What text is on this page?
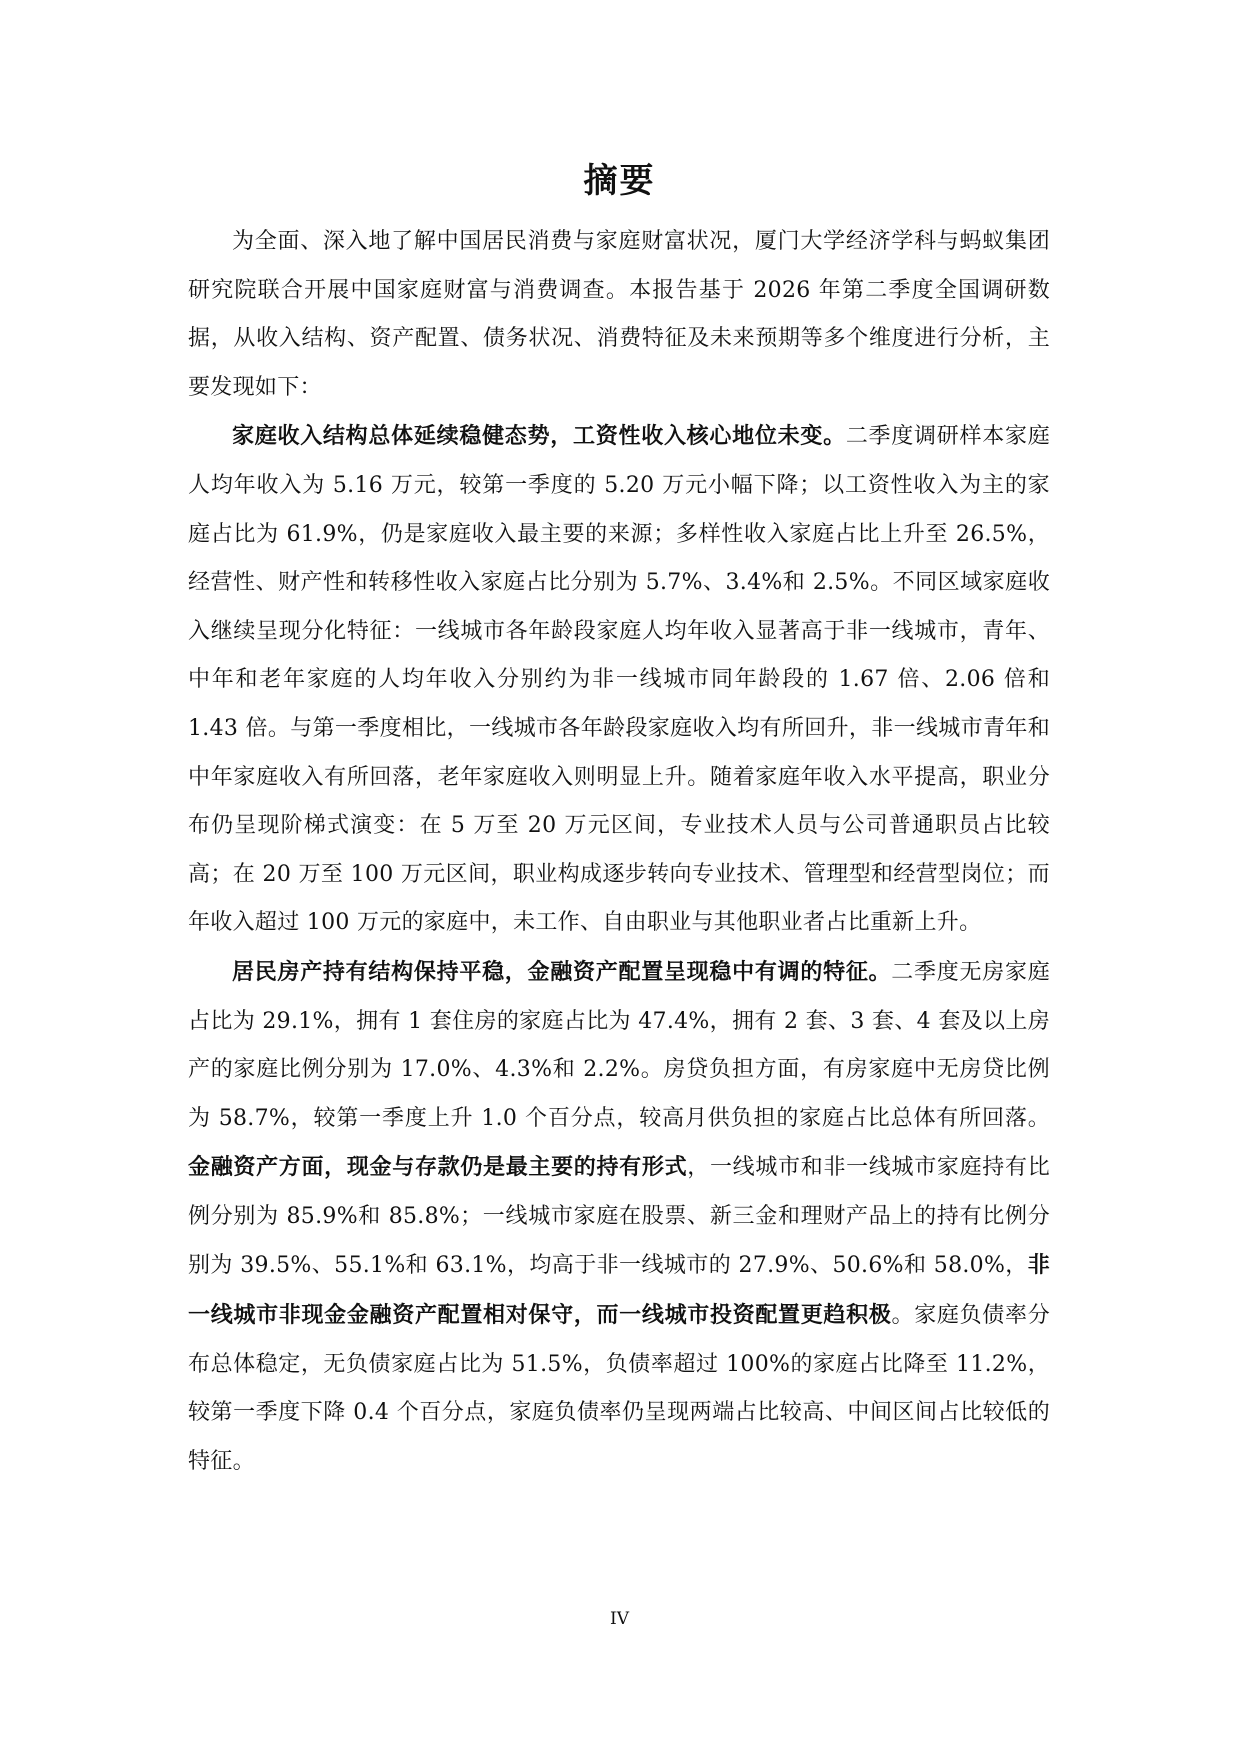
摘要

为全面、深入地了解中国居民消费与家庭财富状况，厦门大学经济学科与蚂蚁集团研究院联合开展中国家庭财富与消费调查。本报告基于 2026 年第二季度全国调研数据，从收入结构、资产配置、债务状况、消费特征及未来预期等多个维度进行分析，主要发现如下：

家庭收入结构总体延续稳健态势，工资性收入核心地位未变。二季度调研样本家庭人均年收入为 5.16 万元，较第一季度的 5.20 万元小幅下降；以工资性收入为主的家庭占比为 61.9%，仍是家庭收入最主要的来源；多样性收入家庭占比上升至 26.5%，经营性、财产性和转移性收入家庭占比分别为 5.7%、3.4%和 2.5%。不同区域家庭收入继续呈现分化特征：一线城市各年龄段家庭人均年收入显著高于非一线城市，青年、中年和老年家庭的人均年收入分别约为非一线城市同年龄段的 1.67 倍、2.06 倍和 1.43 倍。与第一季度相比，一线城市各年龄段家庭收入均有所回升，非一线城市青年和中年家庭收入有所回落，老年家庭收入则明显上升。随着家庭年收入水平提高，职业分布仍呈现阶梯式演变：在 5 万至 20 万元区间，专业技术人员与公司普通职员占比较高；在 20 万至 100 万元区间，职业构成逐步转向专业技术、管理型和经营型岗位；而年收入超过 100 万元的家庭中，未工作、自由职业与其他职业者占比重新上升。

居民房产持有结构保持平稳，金融资产配置呈现稳中有调的特征。二季度无房家庭占比为 29.1%，拥有 1 套住房的家庭占比为 47.4%，拥有 2 套、3 套、4 套及以上房产的家庭比例分别为 17.0%、4.3%和 2.2%。房贷负担方面，有房家庭中无房贷比例为 58.7%，较第一季度上升 1.0 个百分点，较高月供负担的家庭占比总体有所回落。金融资产方面，现金与存款仍是最主要的持有形式，一线城市和非一线城市家庭持有比例分别为 85.9%和 85.8%；一线城市家庭在股票、新三金和理财产品上的持有比例分别为 39.5%、55.1%和 63.1%，均高于非一线城市的 27.9%、50.6%和 58.0%，非一线城市非现金金融资产配置相对保守，而一线城市投资配置更趋积极。家庭负债率分布总体稳定，无负债家庭占比为 51.5%，负债率超过 100%的家庭占比降至 11.2%，较第一季度下降 0.4 个百分点，家庭负债率仍呈现两端占比较高、中间区间占比较低的特征。

IV
